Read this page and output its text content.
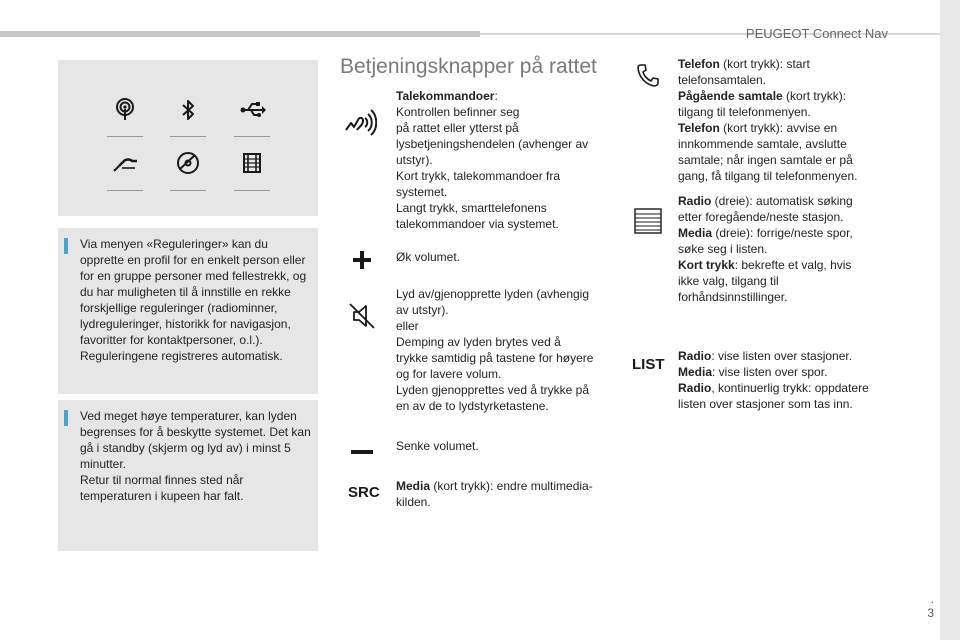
PEUGEOT Connect Nav
Via menyen «Reguleringer» kan du opprette en profil for en enkelt person eller for en gruppe personer med fellestrekk, og du har muligheten til å innstille en rekke forskjellige reguleringer (radiominner, lydreguleringer, historikk for navigasjon, favoritter for kontaktpersoner, o.l.). Reguleringene registreres automatisk.
Ved meget høye temperaturer, kan lyden begrenses for å beskytte systemet. Det kan gå i standby (skjerm og lyd av) i minst 5 minutter.
Retur til normal finnes sted når temperaturen i kupeen har falt.
Betjeningsknapper på rattet
Talekommandoer:
Kontrollen befinner seg
på rattet eller ytterst på lysbetjeningshendelen (avhenger av utstyr).
Kort trykk, talekommandoer fra systemet.
Langt trykk, smarttelefonens talekommandoer via systemet.
Øk volumet.
Lyd av/gjenopprette lyden (avhengig av utstyr).
eller
Demping av lyden brytes ved å trykke samtidig på tastene for høyere og for lavere volum.
Lyden gjenopprettes ved å trykke på en av de to lydstyrketastene.
Senke volumet.
SRC Media (kort trykk): endre multimedia-kilden.
Telefon (kort trykk): start telefonsamtalen.
Pågående samtale (kort trykk): tilgang til telefonmenyen.
Telefon (kort trykk): avvise en innkommende samtale, avslutte samtale; når ingen samtale er på gang, få tilgang til telefonmenyen.
Radio (dreie): automatisk søking etter foregående/neste stasjon.
Media (dreie): forrige/neste spor, søke seg i listen.
Kort trykk: bekrefte et valg, hvis ikke valg, tilgang til forhåndsinnstillinger.
LIST Radio: vise listen over stasjoner.
Media: vise listen over spor.
Radio, kontinuerlig trykk: oppdatere listen over stasjoner som tas inn.
.
3
